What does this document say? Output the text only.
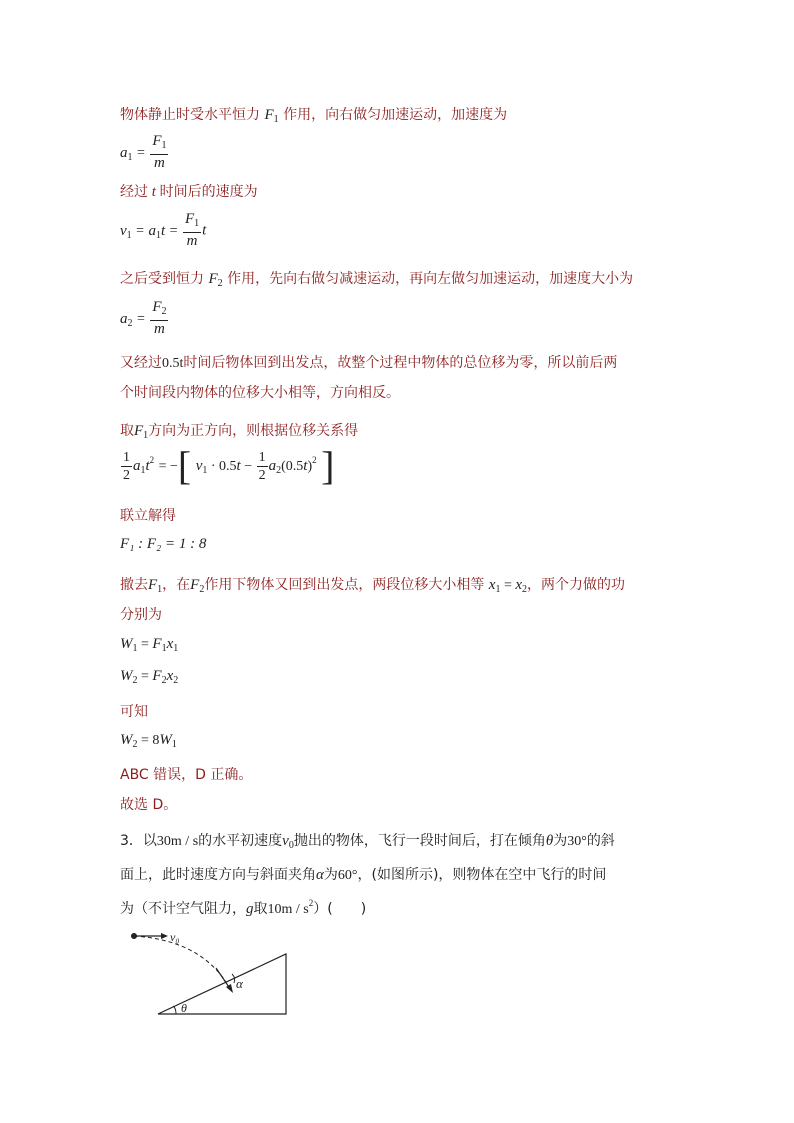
物体静止时受水平恒力 $F_1$ 作用，向右做匀加速运动，加速度为
$a_1 = \frac{F_1}{m}$
经过 t 时间后的速度为
$v_1 = a_1t = \frac{F_1}{m}$ t
之后受到恒力 $F_2$ 作用，先向右做匀减速运动，再向左做匀加速运动，加速度大小为
$a_2 = \frac{F_2}{m}$
又经过0.5t时间后物体回到出发点，故整个过程中物体的总位移为零，所以前后两
个时间段内物体的位移大小相等，方向相反。
取$F_1$方向为正方向，则根据位移关系得
$\frac{1}{2} a_1t^2$ = −[ $v_1 \cdot 0.5t - \frac{1}{2} a_2(0.5t)^2$ ]
联立解得
F₁ : F₂ = 1 : 8
撤去$F_1$，在$F_2$作用下物体又回到出发点，两段位移大小相等 $x_1 = x_2$，两个力做的功
分别为
$W_1 = F_1x_1$
$W_2 = F_2x_2$
可知
$W_2 = 8W_1$
ABC 错误，D 正确。
故选 D。
3．以30m / s的水平初速度$v_0$抛出的物体，飞行一段时间后，打在倾角θ为30°的斜
面上，此时速度方向与斜面夹角α为60°，(如图所示)，则物体在空中飞行的时间
为（不计空气阻力，g取$10m / s^2$）(　　)
v₀
α
θ
